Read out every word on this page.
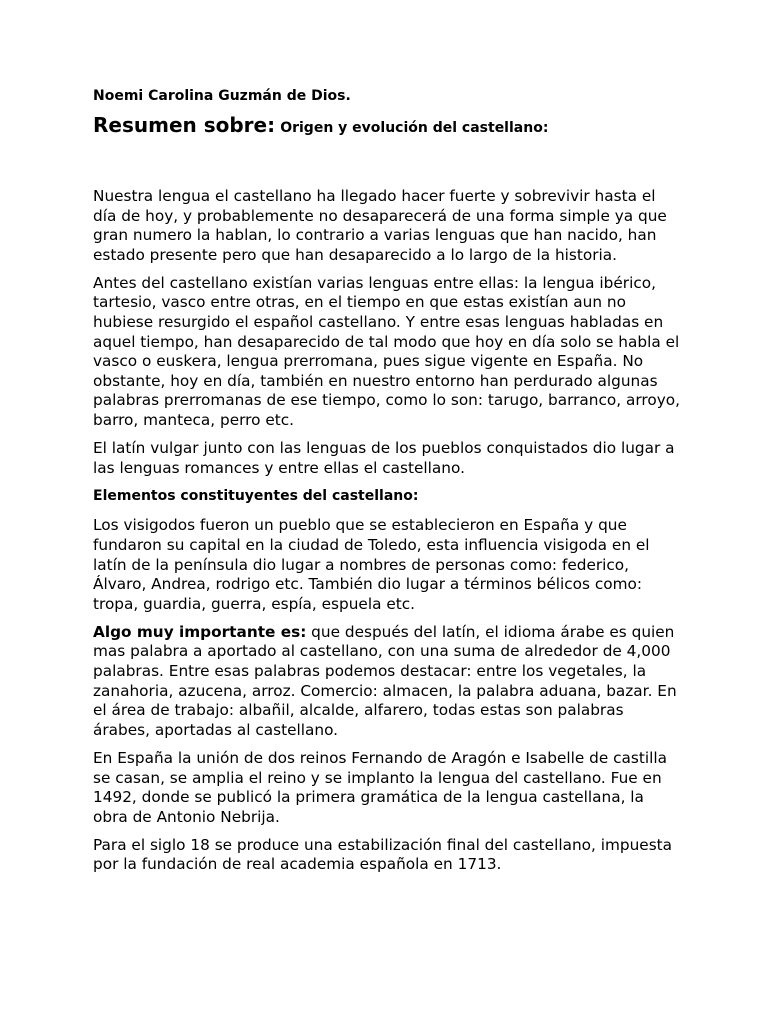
Noemi Carolina Guzmán de Dios.
Resumen sobre: Origen y evolución del castellano:

Nuestra lengua el castellano ha llegado hacer fuerte y sobrevivir hasta el día de hoy, y probablemente no desaparecerá de una forma simple ya que gran numero la hablan, lo contrario a varias lenguas que han nacido, han estado presente pero que han desaparecido a lo largo de la historia.

Antes del castellano existían varias lenguas entre ellas: la lengua ibérico, tartesio, vasco entre otras, en el tiempo en que estas existían aun no hubiese resurgido el español castellano. Y entre esas lenguas habladas en aquel tiempo, han desaparecido de tal modo que hoy en día solo se habla el vasco o euskera, lengua prerromana, pues sigue vigente en España. No obstante, hoy en día, también en nuestro entorno han perdurado algunas palabras prerromanas de ese tiempo, como lo son: tarugo, barranco, arroyo, barro, manteca, perro etc.

El latín vulgar junto con las lenguas de los pueblos conquistados dio lugar a las lenguas romances y entre ellas el castellano.

Elementos constituyentes del castellano:

Los visigodos fueron un pueblo que se establecieron en España y que fundaron su capital en la ciudad de Toledo, esta influencia visigoda en el latín de la península dio lugar a nombres de personas como: federico, Álvaro, Andrea, rodrigo etc. También dio lugar a términos bélicos como: tropa, guardia, guerra, espía, espuela etc.

Algo muy importante es: que después del latín, el idioma árabe es quien mas palabra a aportado al castellano, con una suma de alrededor de 4,000 palabras. Entre esas palabras podemos destacar: entre los vegetales, la zanahoria, azucena, arroz. Comercio: almacen, la palabra aduana, bazar. En el área de trabajo: albañil, alcalde, alfarero, todas estas son palabras árabes, aportadas al castellano.

En España la unión de dos reinos Fernando de Aragón e Isabelle de castilla se casan, se amplia el reino y se implanto la lengua del castellano. Fue en 1492, donde se publicó la primera gramática de la lengua castellana, la obra de Antonio Nebrija.

Para el siglo 18 se produce una estabilización final del castellano, impuesta por la fundación de real academia española en 1713.
